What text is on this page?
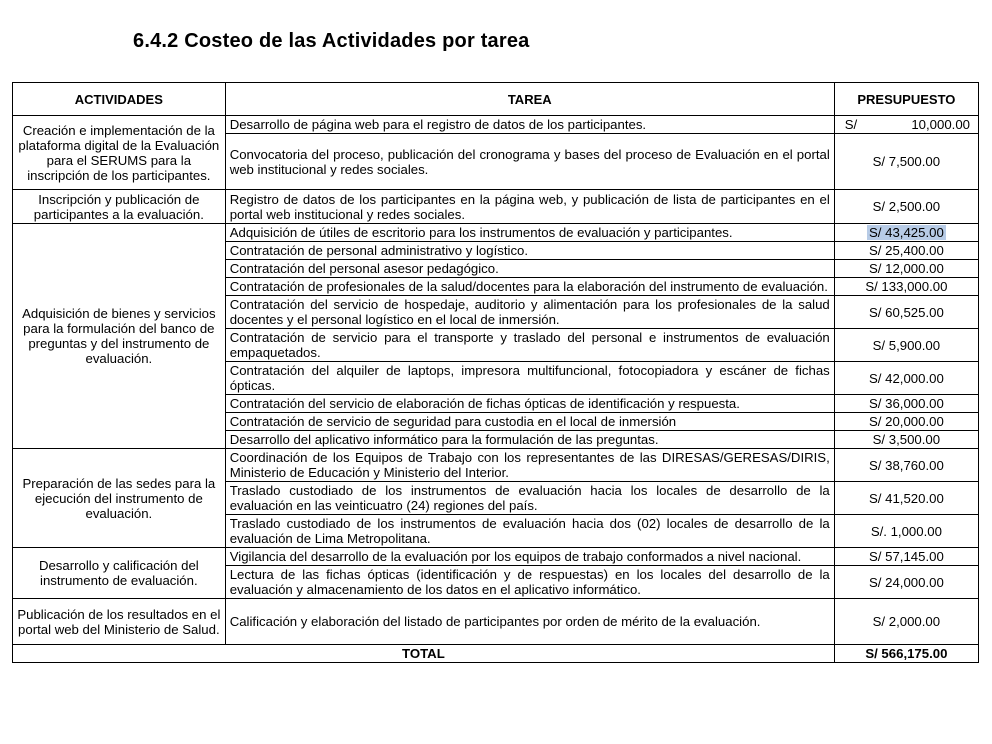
6.4.2 Costeo de las Actividades por tarea
ACTIVIDADES	TAREA	PRESUPUESTO
Creación e implementación de la plataforma digital de la Evaluación para el SERUMS para la inscripción de los participantes.	Desarrollo de página web para el registro de datos de los participantes.	S/ 10,000.00

	Convocatoria del proceso, publicación del cronograma y bases del proceso de Evaluación en el portal web institucional y redes sociales.	S/ 7,500.00
Inscripción y publicación de participantes a la evaluación.	Registro de datos de los participantes en la página web, y publicación de lista de participantes en el portal web institucional y redes sociales.	S/ 2,500.00
Adquisición de bienes y servicios para la formulación del banco de preguntas y del instrumento de evaluación.	Adquisición de útiles de escritorio para los instrumentos de evaluación y participantes.	S/ 43,425.00
	Contratación de personal administrativo y logístico.	S/ 25,400.00
	Contratación del personal asesor pedagógico.	S/ 12,000.00
	Contratación de profesionales de la salud/docentes para la elaboración del instrumento de evaluación.	S/ 133,000.00
	Contratación del servicio de hospedaje, auditorio y alimentación para los profesionales de la salud docentes y el personal logístico en el local de inmersión.	S/ 60,525.00
	Contratación de servicio para el transporte y traslado del personal e instrumentos de evaluación empaquetados.	S/ 5,900.00
	Contratación del alquiler de laptops, impresora multifuncional, fotocopiadora y escáner de fichas ópticas.	S/ 42,000.00
	Contratación del servicio de elaboración de fichas ópticas de identificación y respuesta.	S/ 36,000.00
	Contratación de servicio de seguridad para custodia en el local de inmersión	S/ 20,000.00
	Desarrollo del aplicativo informático para la formulación de las preguntas.	S/ 3,500.00
Preparación de las sedes para la ejecución del instrumento de evaluación.	Coordinación de los Equipos de Trabajo con los representantes de las DIRESAS/GERESAS/DIRIS, Ministerio de Educación y Ministerio del Interior.	S/ 38,760.00
	Traslado custodiado de los instrumentos de evaluación hacia los locales de desarrollo de la evaluación en las veinticuatro (24) regiones del país.	S/ 41,520.00
	Traslado custodiado de los instrumentos de evaluación hacia dos (02) locales de desarrollo de la evaluación de Lima Metropolitana.	S/. 1,000.00
Desarrollo y calificación del instrumento de evaluación.	Vigilancia del desarrollo de la evaluación por los equipos de trabajo conformados a nivel nacional.	S/ 57,145.00
	Lectura de las fichas ópticas (identificación y de respuestas) en los locales del desarrollo de la evaluación y almacenamiento de los datos en el aplicativo informático.	S/ 24,000.00
Publicación de los resultados en el portal web del Ministerio de Salud.	Calificación y elaboración del listado de participantes por orden de mérito de la evaluación.	S/ 2,000.00
TOTAL		S/ 566,175.00
